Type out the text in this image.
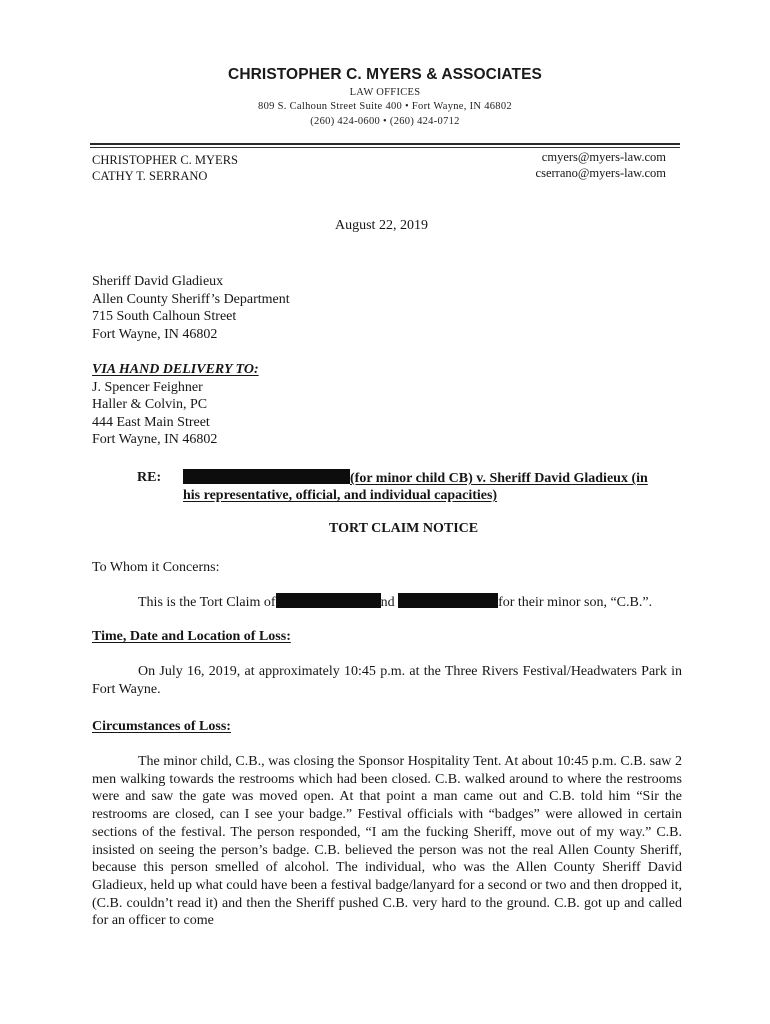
CHRISTOPHER C. MYERS & ASSOCIATES
LAW OFFICES
809 S. Calhoun Street Suite 400 • Fort Wayne, IN 46802
(260) 424-0600 • (260) 424-0712
CHRISTOPHER C. MYERS
CATHY T. SERRANO
cmyers@myers-law.com
cserrano@myers-law.com
August 22, 2019

Sheriff David Gladieux

Allen County Sheriff’s Department

715 South Calhoun Street

Fort Wayne, IN 46802

VIA HAND DELIVERY TO:

J. Spencer Feighner

Haller & Colvin, PC

444 East Main Street

Fort Wayne, IN 46802

RE:	(for minor child CB) v. Sheriff David Gladieux (in
his representative, official, and individual capacities)
TORT CLAIM NOTICE
To Whom it Concerns:
This is the Tort Claim of	nd	for their minor son, “C.B.”.
Time, Date and Location of Loss:

On July 16, 2019, at approximately 10:45 p.m. at the Three Rivers Festival/Headwaters Park in Fort Wayne.

Circumstances of Loss:

The minor child, C.B., was closing the Sponsor Hospitality Tent. At about 10:45 p.m. C.B. saw 2 men walking towards the restrooms which had been closed. C.B. walked around to where the restrooms were and saw the gate was moved open. At that point a man came out and C.B. told him “Sir the restrooms are closed, can I see your badge.” Festival officials with “badges” were allowed in certain sections of the festival. The person responded, “I am the fucking Sheriff, move out of my way.” C.B. insisted on seeing the person’s badge. C.B. believed the person was not the real Allen County Sheriff, because this person smelled of alcohol. The individual, who was the Allen County Sheriff David Gladieux, held up what could have been a festival badge/lanyard for a second or two and then dropped it, (C.B. couldn’t read it) and then the Sheriff pushed C.B. very hard to the ground. C.B. got up and called for an officer to come
